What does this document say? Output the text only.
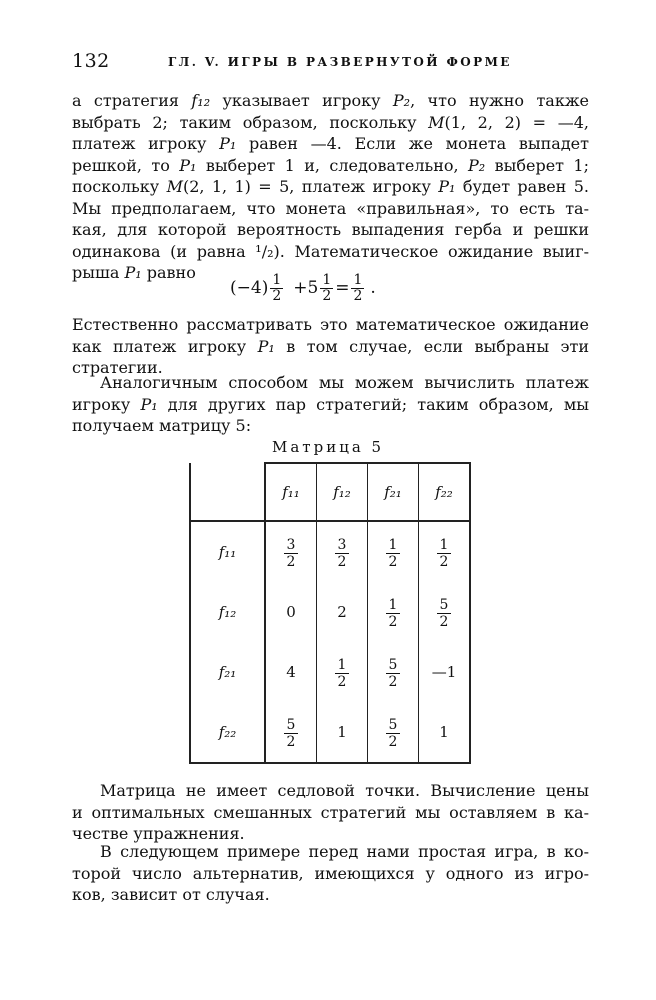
132	ГЛ. V. ИГРЫ В РАЗВЕРНУТОЙ ФОРМЕ
а стратегия f₁₂ указывает игроку P₂, что нужно также
выбрать 2; таким образом, поскольку M(1, 2, 2) = —4,
платеж игроку P₁ равен —4. Если же монета выпадет
решкой, то P₁ выберет 1 и, следовательно, P₂ выберет 1;
поскольку M(2, 1, 1) = 5, платеж игроку P₁ будет равен 5.
Мы предполагаем, что монета «правильная», то есть та-
кая, для которой вероятность выпадения герба и решки
одинакова (и равна ¹/₂). Математическое ожидание выиг-
рыша P₁ равно
$(-4) \frac{1}{2} +5 \frac{1}{2} = \frac{1}{2}$ .
Естественно рассматривать это математическое ожидание
как платеж игроку P₁ в том случае, если выбраны эти
стратегии.
Аналогичным способом мы можем вычислить платеж
игроку P₁ для других пар стратегий; таким образом, мы
получаем матрицу 5:
Матрица 5
	f₁₁	f₁₂	f₂₁	f₂₂
f₁₁	$\frac{3}{2}$	$\frac{3}{2}$	$\frac{1}{2}$	$\frac{1}{2}$

f₁₂	0	2	$\frac{1}{2}$	$\frac{5}{2}$

f₂₁	4	$\frac{1}{2}$	$\frac{5}{2}$	—1
f₂₂	$\frac{5}{2}$	1	$\frac{5}{2}$	1
Матрица не имеет седловой точки. Вычисление цены
и оптимальных смешанных стратегий мы оставляем в ка-
честве упражнения.
В следующем примере перед нами простая игра, в ко-
торой число альтернатив, имеющихся у одного из игро-
ков, зависит от случая.
